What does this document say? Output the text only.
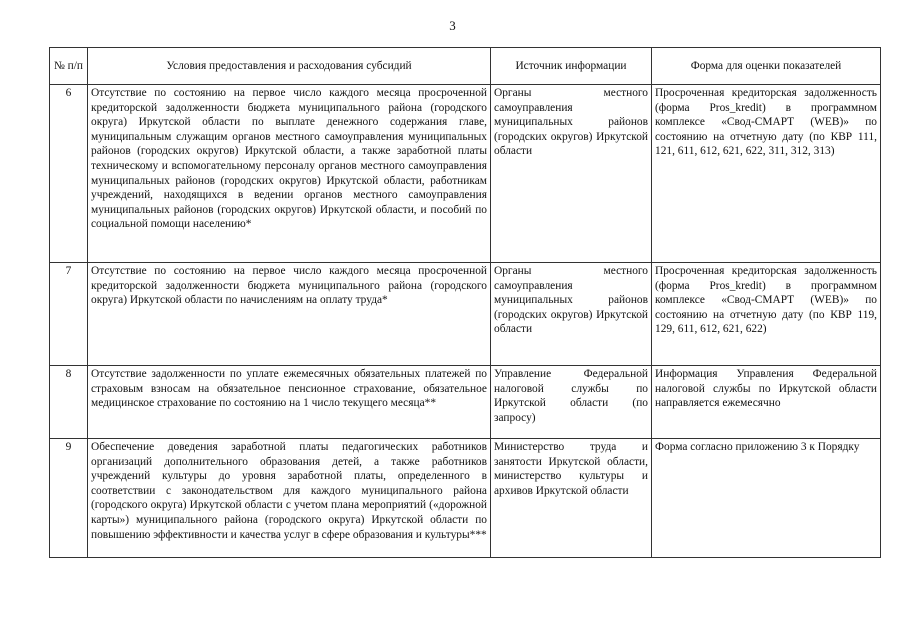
3
№ п/п	Условия предоставления и расходования субсидий	Источник информации	Форма для оценки показателей
6	Отсутствие по состоянию на первое число каждого месяца просроченной кредиторской задолженности бюджета муниципального района (городского округа) Иркутской области по выплате денежного содержания главе, муниципальным служащим органов местного самоуправления муниципальных районов (городских округов) Иркутской области, а также заработной платы техническому и вспомогательному персоналу органов местного самоуправления муниципальных районов (городских округов) Иркутской области, работникам учреждений, находящихся в ведении органов местного самоуправления муниципальных районов (городских округов) Иркутской области, и пособий по социальной помощи населению*	Органы местного самоуправления муниципальных районов (городских округов) Иркутской области	Просроченная кредиторская задолженность (форма Pros_kredit) в программном комплексе «Свод-СМАРТ (WEB)» по состоянию на отчетную дату (по КВР 111, 121, 611, 612, 621, 622, 311, 312, 313)
7	Отсутствие по состоянию на первое число каждого месяца просроченной кредиторской задолженности бюджета муниципального района (городского округа) Иркутской области по начислениям на оплату труда*	Органы местного самоуправления муниципальных районов (городских округов) Иркутской области	Просроченная кредиторская задолженность (форма Pros_kredit) в программном комплексе «Свод-СМАРТ (WEB)» по состоянию на отчетную дату (по КВР 119, 129, 611, 612, 621, 622)
8	Отсутствие задолженности по уплате ежемесячных обязательных платежей по страховым взносам на обязательное пенсионное страхование, обязательное медицинское страхование по состоянию на 1 число текущего месяца**	Управление Федеральной налоговой службы по Иркутской области (по запросу)	Информация Управления Федеральной налоговой службы по Иркутской области направляется ежемесячно
9	Обеспечение доведения заработной платы педагогических работников организаций дополнительного образования детей, а также работников учреждений культуры до уровня заработной платы, определенного в соответствии с законодательством для каждого муниципального района (городского округа) Иркутской области с учетом плана мероприятий («дорожной карты») муниципального района (городского округа) Иркутской области по повышению эффективности и качества услуг в сфере образования и культуры***	Министерство труда и занятости Иркутской области, министерство культуры и архивов Иркутской области	Форма согласно приложению 3 к Порядку
